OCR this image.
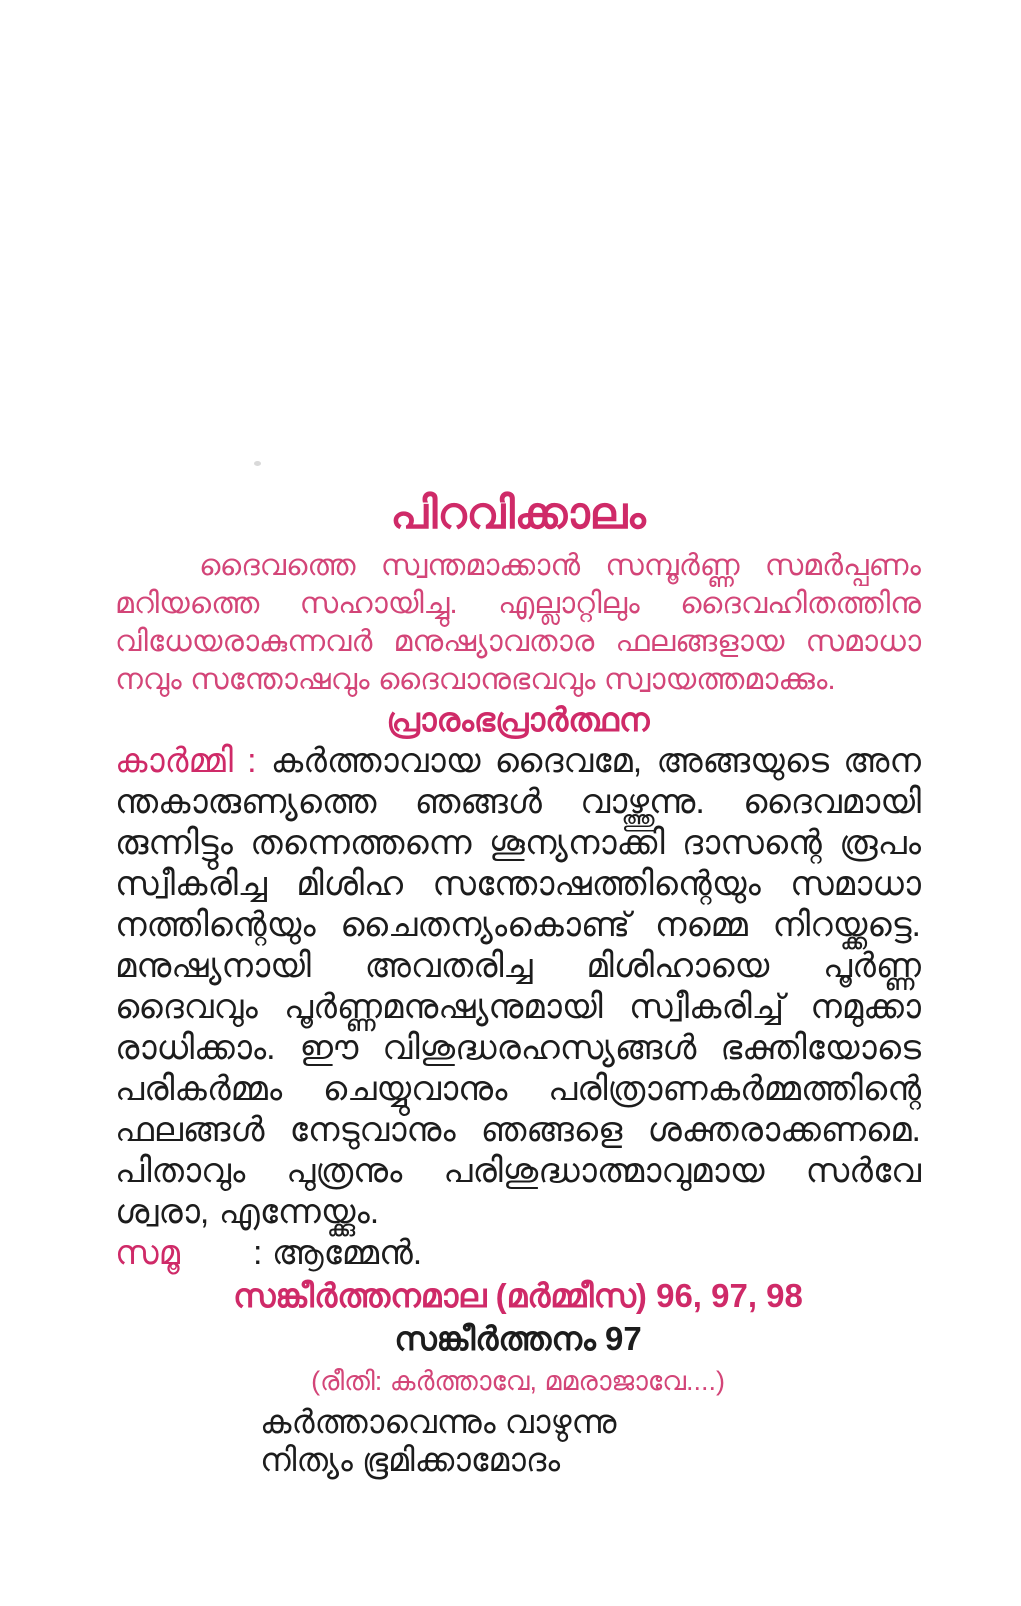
പിറവിക്കാലം
ദൈവത്തെ സ്വന്തമാക്കാൻ സമ്പൂർണ്ണ സമർപ്പണം
മറിയത്തെ സഹായിച്ചു. എല്ലാറ്റിലും ദൈവഹിതത്തിനു
വിധേയരാകുന്നവർ മനുഷ്യാവതാര ഫലങ്ങളായ സമാധാ
നവും സന്തോഷവും ദൈവാനുഭവവും സ്വായത്തമാക്കും.
പ്രാരംഭപ്രാർത്ഥന
കാർമ്മി : കർത്താവായ ദൈവമേ, അങ്ങയുടെ അന
ന്തകാരുണ്യത്തെ ഞങ്ങൾ വാഴ്ത്തുന്നു. ദൈവമായി
രുന്നിട്ടും തന്നെത്തന്നെ ശൂന്യനാക്കി ദാസന്റെ രൂപം
സ്വീകരിച്ച മിശിഹ സന്തോഷത്തിന്റെയും സമാധാ
നത്തിന്റെയും ചൈതന്യംകൊണ്ട് നമ്മെ നിറയ്ക്കട്ടെ.
മനുഷ്യനായി അവതരിച്ച മിശിഹായെ പൂർണ്ണ
ദൈവവും പൂർണ്ണമനുഷ്യനുമായി സ്വീകരിച്ച് നമുക്കാ
രാധിക്കാം. ഈ വിശുദ്ധരഹസ്യങ്ങൾ ഭക്തിയോടെ
പരികർമ്മം ചെയ്യുവാനും പരിത്രാണകർമ്മത്തിന്റെ
ഫലങ്ങൾ നേടുവാനും ഞങ്ങളെ ശക്തരാക്കണമെ.
പിതാവും പുത്രനും പരിശുദ്ധാത്മാവുമായ സർവേ
ശ്വരാ, എന്നേയ്ക്കും.
സമൂ : ആമ്മേൻ.
സങ്കീർത്തനമാല (മർമ്മീസ) 96, 97, 98
സങ്കീർത്തനം 97
(രീതി: കർത്താവേ, മമരാജാവേ....)
കർത്താവെന്നും വാഴുന്നു
നിത്യം ഭൂമിക്കാമോദം
